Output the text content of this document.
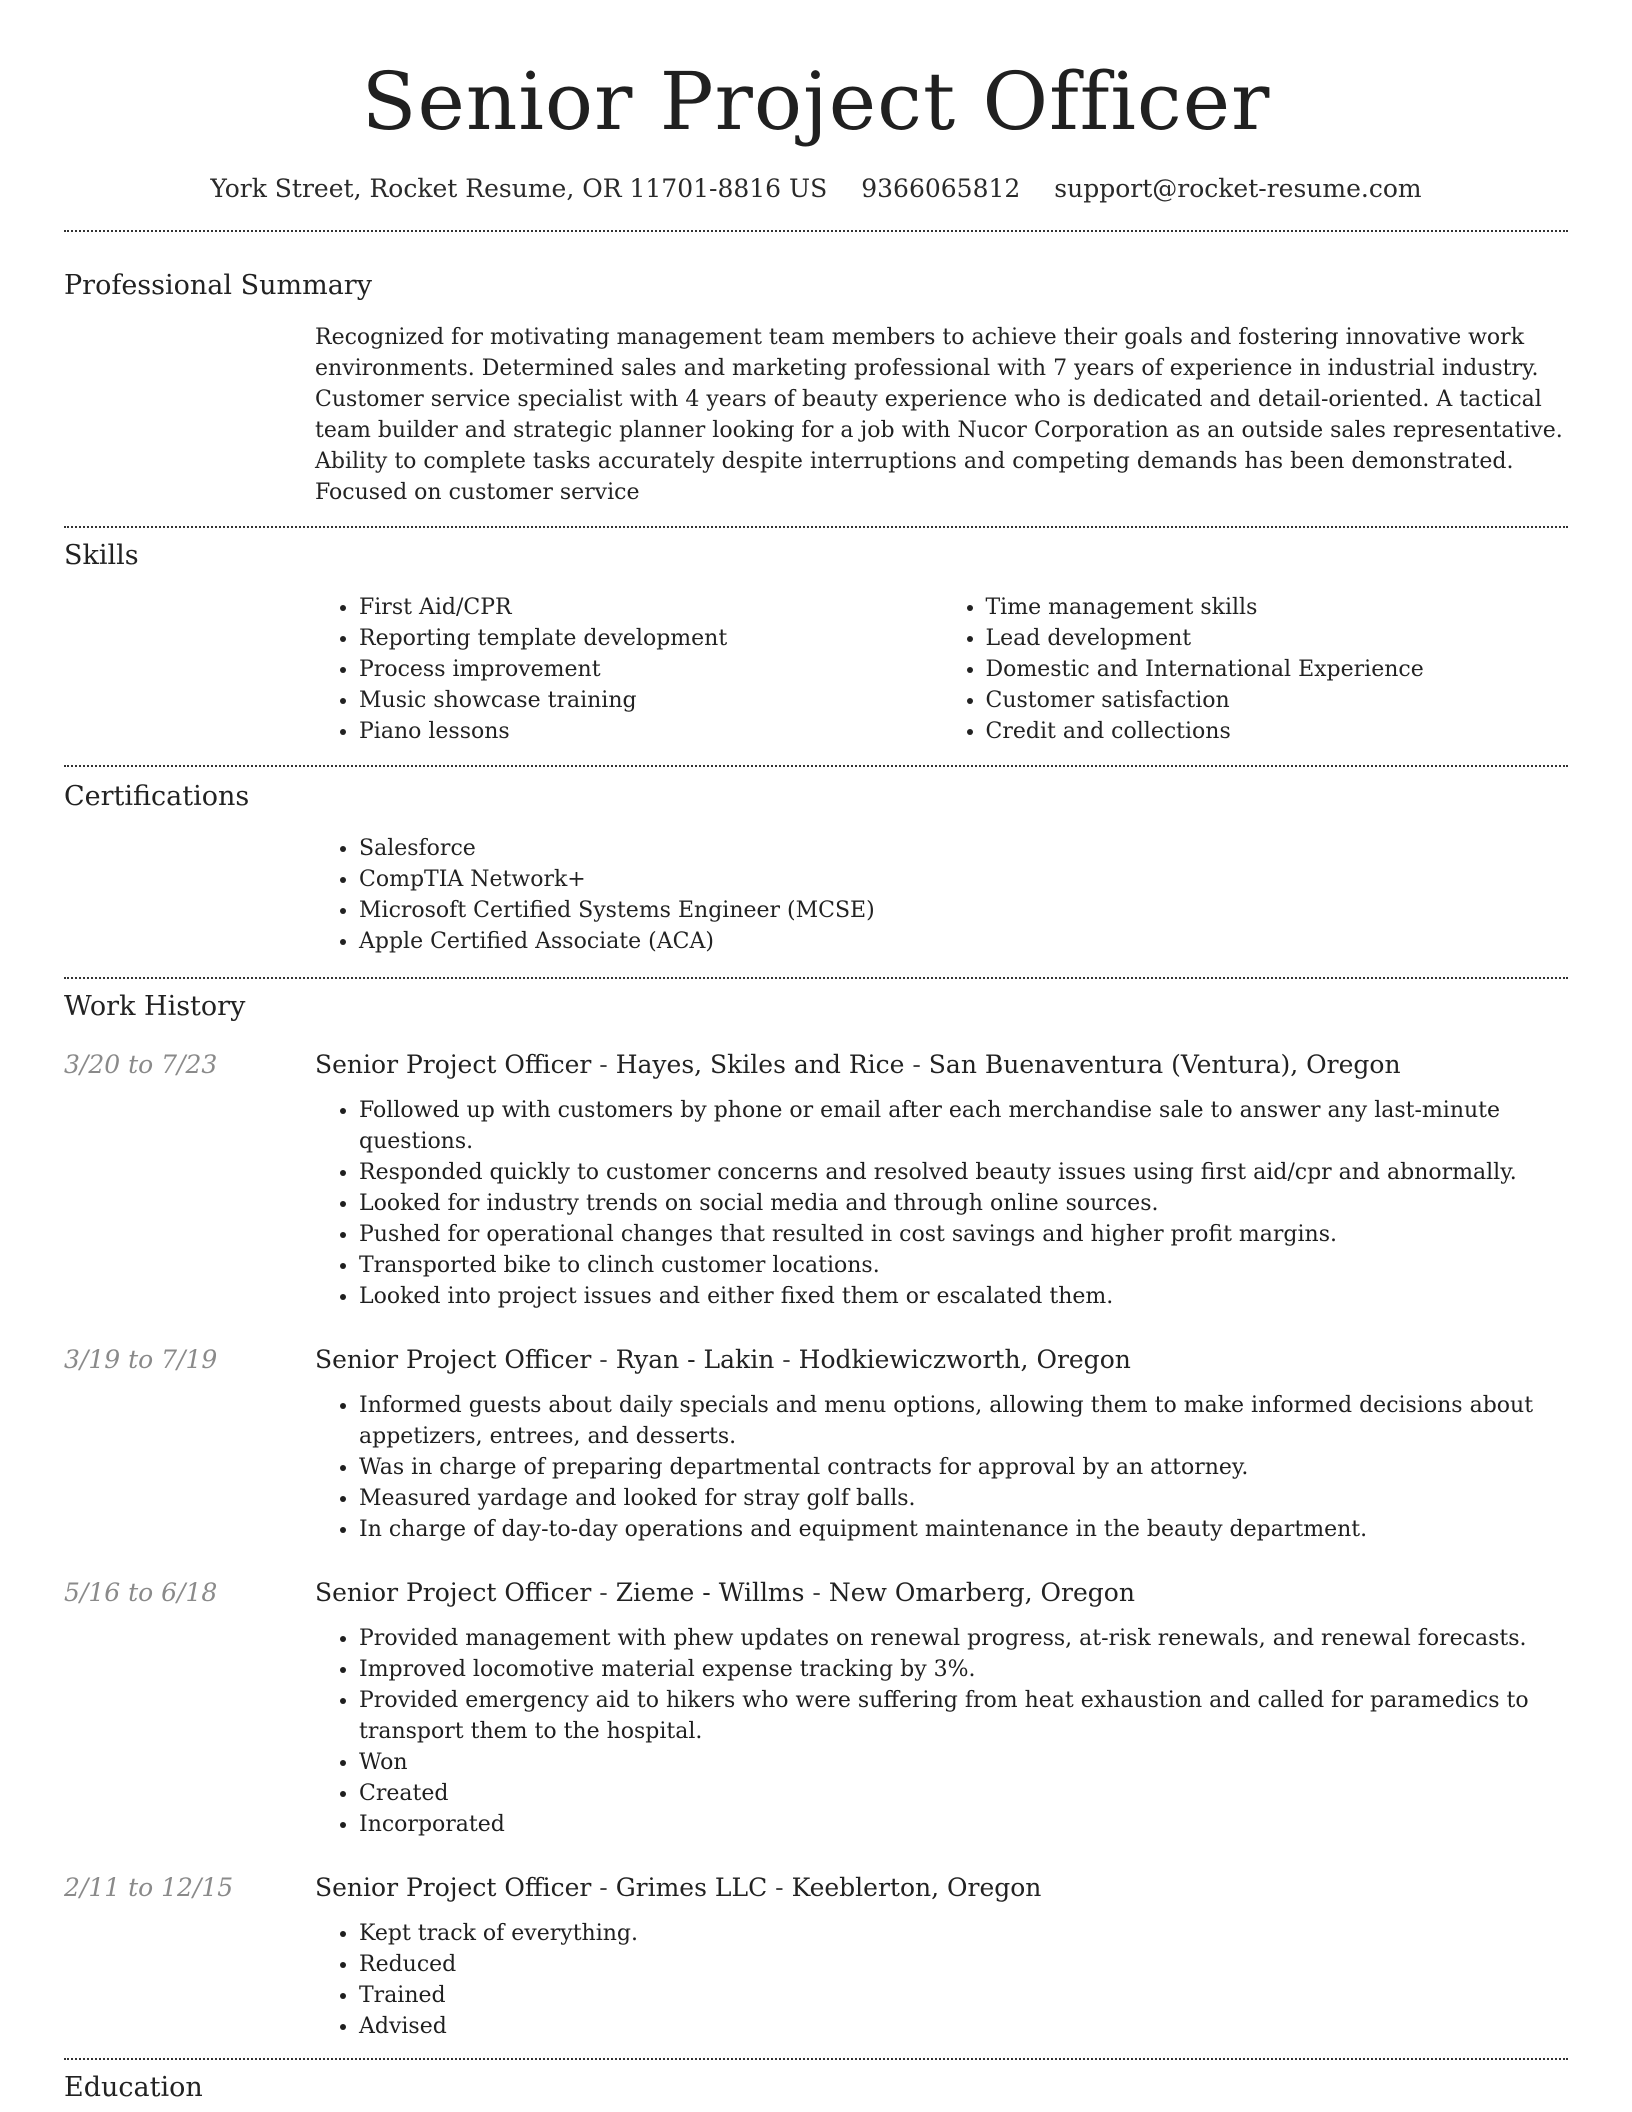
Senior Project Officer
York Street, Rocket Resume, OR 11701-8816 US 9366065812 support@rocket-resume.com
Professional Summary
Recognized for motivating management team members to achieve their goals and fostering innovative work environments. Determined sales and marketing professional with 7 years of experience in industrial industry. Customer service specialist with 4 years of beauty experience who is dedicated and detail-oriented. A tactical team builder and strategic planner looking for a job with Nucor Corporation as an outside sales representative. Ability to complete tasks accurately despite interruptions and competing demands has been demonstrated. Focused on customer service
Skills
• First Aid/CPR
• Reporting template development
• Process improvement
• Music showcase training
• Piano lessons
• Time management skills
• Lead development
• Domestic and International Experience
• Customer satisfaction
• Credit and collections
Certifications
• Salesforce
• CompTIA Network+
• Microsoft Certified Systems Engineer (MCSE)
• Apple Certified Associate (ACA)
Work History
3/20 to 7/23	Senior Project Officer - Hayes, Skiles and Rice - San Buenaventura (Ventura), Oregon

• Followed up with customers by phone or email after each merchandise sale to answer any last-minute questions.
• Responded quickly to customer concerns and resolved beauty issues using first aid/cpr and abnormally.
• Looked for industry trends on social media and through online sources.
• Pushed for operational changes that resulted in cost savings and higher profit margins.
• Transported bike to clinch customer locations.
• Looked into project issues and either fixed them or escalated them.
3/19 to 7/19	Senior Project Officer - Ryan - Lakin - Hodkiewiczworth, Oregon

• Informed guests about daily specials and menu options, allowing them to make informed decisions about appetizers, entrees, and desserts.
• Was in charge of preparing departmental contracts for approval by an attorney.
• Measured yardage and looked for stray golf balls.
• In charge of day-to-day operations and equipment maintenance in the beauty department.
5/16 to 6/18	Senior Project Officer - Zieme - Willms - New Omarberg, Oregon

• Provided management with phew updates on renewal progress, at-risk renewals, and renewal forecasts.
• Improved locomotive material expense tracking by 3%.
• Provided emergency aid to hikers who were suffering from heat exhaustion and called for paramedics to transport them to the hospital.
• Won
• Created
• Incorporated
2/11 to 12/15	Senior Project Officer - Grimes LLC - Keeblerton, Oregon

• Kept track of everything.
• Reduced
• Trained
• Advised
Education
